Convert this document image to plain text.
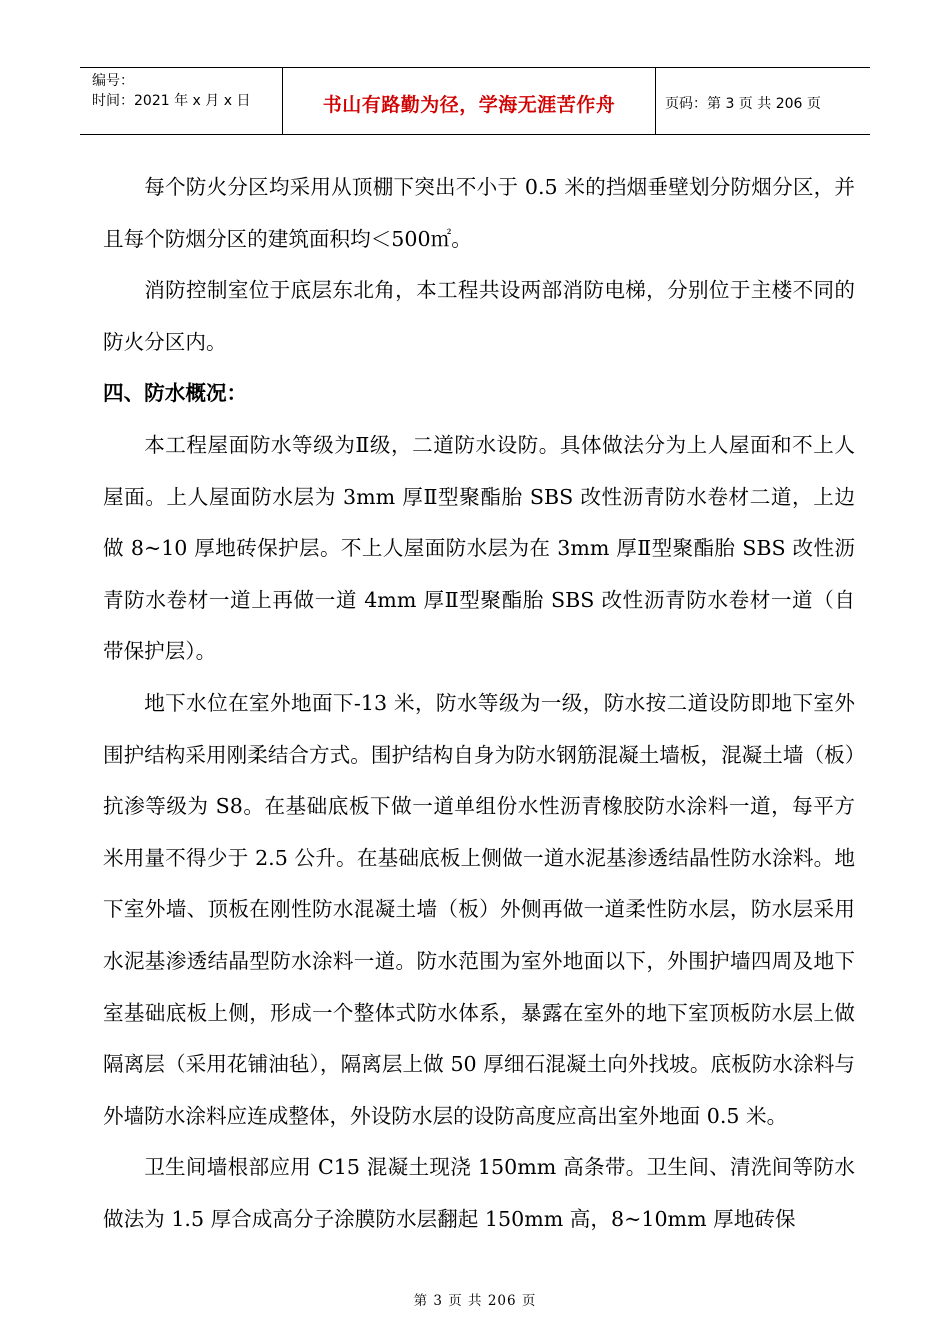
编号：
时间：2021 年 x 月 x 日	书山有路勤为径，学海无涯苦作舟	页码：第 3 页 共 206 页

每个防火分区均采用从顶棚下突出不小于 0.5 米的挡烟垂壁划分防烟分区，并且每个防烟分区的建筑面积均＜500㎡。

消防控制室位于底层东北角，本工程共设两部消防电梯，分别位于主楼不同的防火分区内。

四、防水概况：

本工程屋面防水等级为Ⅱ级，二道防水设防。具体做法分为上人屋面和不上人屋面。上人屋面防水层为 3mm 厚Ⅱ型聚酯胎 SBS 改性沥青防水卷材二道，上边做 8~10 厚地砖保护层。不上人屋面防水层为在 3mm 厚Ⅱ型聚酯胎 SBS 改性沥青防水卷材一道上再做一道 4mm 厚Ⅱ型聚酯胎 SBS 改性沥青防水卷材一道（自带保护层）。

地下水位在室外地面下-13 米，防水等级为一级，防水按二道设防即地下室外围护结构采用刚柔结合方式。围护结构自身为防水钢筋混凝土墙板，混凝土墙（板）抗渗等级为 S8。在基础底板下做一道单组份水性沥青橡胶防水涂料一道，每平方米用量不得少于 2.5 公升。在基础底板上侧做一道水泥基渗透结晶性防水涂料。地下室外墙、顶板在刚性防水混凝土墙（板）外侧再做一道柔性防水层，防水层采用水泥基渗透结晶型防水涂料一道。防水范围为室外地面以下，外围护墙四周及地下室基础底板上侧，形成一个整体式防水体系，暴露在室外的地下室顶板防水层上做隔离层（采用花铺油毡），隔离层上做 50 厚细石混凝土向外找坡。底板防水涂料与外墙防水涂料应连成整体，外设防水层的设防高度应高出室外地面 0.5 米。

卫生间墙根部应用 C15 混凝土现浇 150mm 高条带。卫生间、清洗间等防水做法为 1.5 厚合成高分子涂膜防水层翻起 150mm 高，8~10mm 厚地砖保

第 3 页 共 206 页
